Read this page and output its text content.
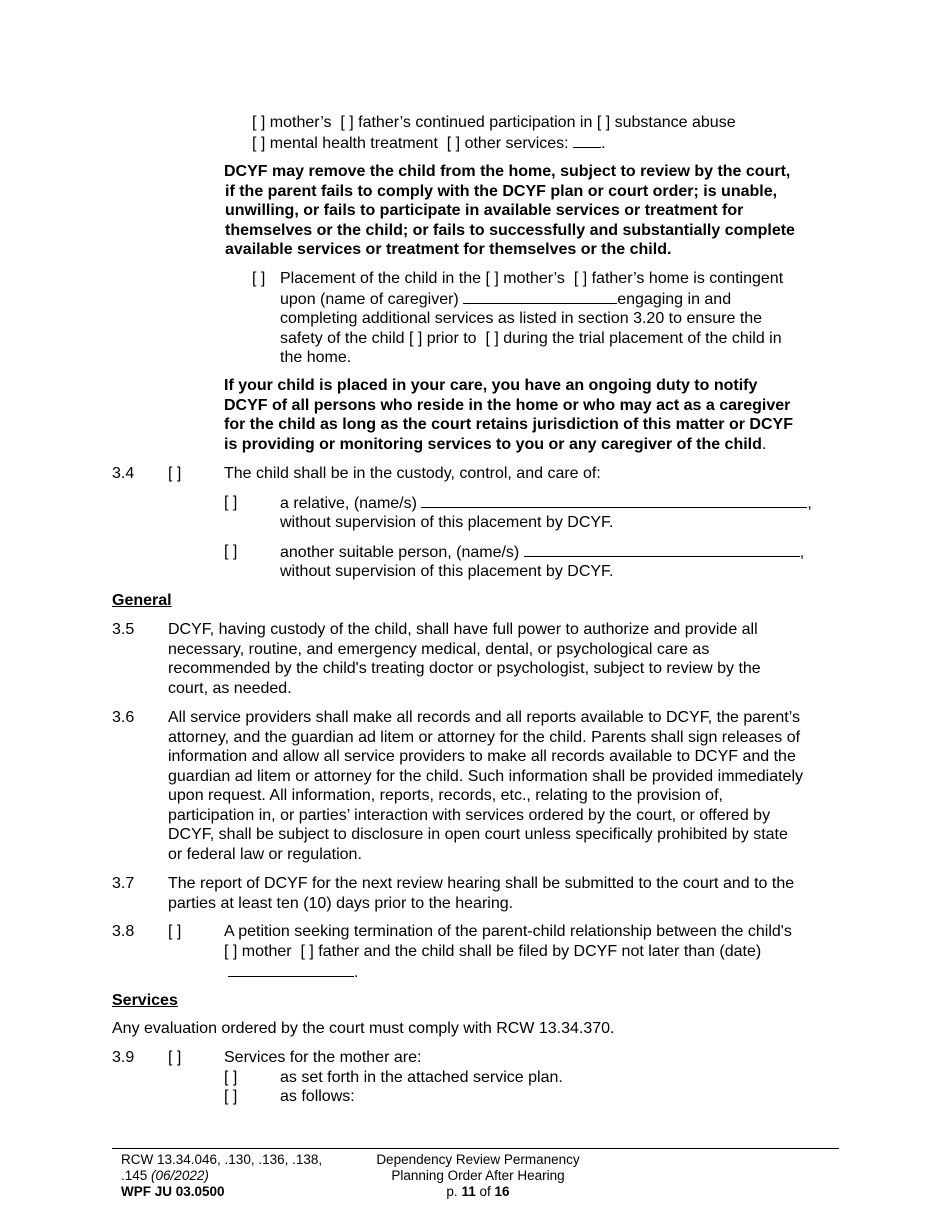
[ ] mother’s [ ] father’s continued participation in [ ] substance abuse
[ ] mental health treatment [ ] other services: .
DCYF may remove the child from the home, subject to review by the court,
if the parent fails to comply with the DCYF plan or court order; is unable,
unwilling, or fails to participate in available services or treatment for
themselves or the child; or fails to successfully and substantially complete
available services or treatment for themselves or the child.
[ ] Placement of the child in the [ ] mother’s [ ] father’s home is contingent
upon (name of caregiver)	engaging in and
completing additional services as listed in section 3.20 to ensure the
safety of the child [ ] prior to [ ] during the trial placement of the child in
the home.
If your child is placed in your care, you have an ongoing duty to notify
DCYF of all persons who reside in the home or who may act as a caregiver
for the child as long as the court retains jurisdiction of this matter or DCYF
is providing or monitoring services to you or any caregiver of the child.
3.4 [ ]	The child shall be in the custody, control, and care of:
[ ]	a relative, (name/s)	,
without supervision of this placement by DCYF.
[ ]	another suitable person, (name/s)	,
without supervision of this placement by DCYF.
General
3.5 DCYF, having custody of the child, shall have full power to authorize and provide all
necessary, routine, and emergency medical, dental, or psychological care as
recommended by the child's treating doctor or psychologist, subject to review by the
court, as needed.
3.6 All service providers shall make all records and all reports available to DCYF, the parent’s
attorney, and the guardian ad litem or attorney for the child. Parents shall sign releases of
information and allow all service providers to make all records available to DCYF and the
guardian ad litem or attorney for the child. Such information shall be provided immediately
upon request. All information, reports, records, etc., relating to the provision of,
participation in, or parties’ interaction with services ordered by the court, or offered by
DCYF, shall be subject to disclosure in open court unless specifically prohibited by state
or federal law or regulation.
3.7 The report of DCYF for the next review hearing shall be submitted to the court and to the
parties at least ten (10) days prior to the hearing.
3.8 [ ]	A petition seeking termination of the parent-child relationship between the child's
[ ] mother [ ] father and the child shall be filed by DCYF not later than (date)
.
Services
Any evaluation ordered by the court must comply with RCW 13.34.370.
3.9 [ ]	Services for the mother are:
[ ]	as set forth in the attached service plan.
[ ]	as follows:
RCW 13.34.046, .130, .136, .138,
.145 (06/2022)
WPF JU 03.0500
Dependency Review Permanency
Planning Order After Hearing
p. 11 of 16
